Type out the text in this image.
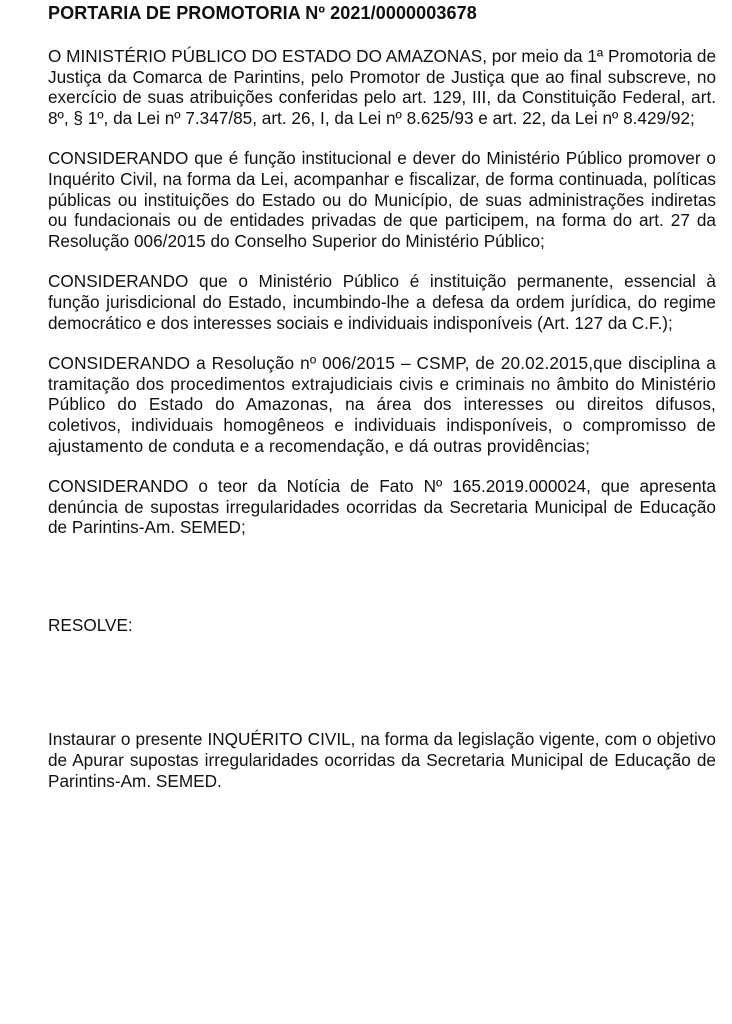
PORTARIA DE PROMOTORIA Nº 2021/0000003678

O MINISTÉRIO PÚBLICO DO ESTADO DO AMAZONAS, por meio da 1ª Promotoria de Justiça da Comarca de Parintins, pelo Promotor de Justiça que ao final subscreve, no exercício de suas atribuições conferidas pelo art. 129, III, da Constituição Federal, art. 8º, § 1º, da Lei nº 7.347/85, art. 26, I, da Lei nº 8.625/93 e art. 22, da Lei nº 8.429/92;

CONSIDERANDO que é função institucional e dever do Ministério Público promover o Inquérito Civil, na forma da Lei, acompanhar e fiscalizar, de forma continuada, políticas públicas ou instituições do Estado ou do Município, de suas administrações indiretas ou fundacionais ou de entidades privadas de que participem, na forma do art. 27 da Resolução 006/2015 do Conselho Superior do Ministério Público;

CONSIDERANDO que o Ministério Público é instituição permanente, essencial à função jurisdicional do Estado, incumbindo-lhe a defesa da ordem jurídica, do regime democrático e dos interesses sociais e individuais indisponíveis (Art. 127 da C.F.);

CONSIDERANDO a Resolução nº 006/2015 – CSMP, de 20.02.2015,que disciplina a tramitação dos procedimentos extrajudiciais civis e criminais no âmbito do Ministério Público do Estado do Amazonas, na área dos interesses ou direitos difusos, coletivos, individuais homogêneos e individuais indisponíveis, o compromisso de ajustamento de conduta e a recomendação, e dá outras providências;

CONSIDERANDO o teor da Notícia de Fato Nº 165.2019.000024, que apresenta denúncia de supostas irregularidades ocorridas da Secretaria Municipal de Educação de Parintins-Am. SEMED;

RESOLVE:

Instaurar o presente INQUÉRITO CIVIL, na forma da legislação vigente, com o objetivo de Apurar supostas irregularidades ocorridas da Secretaria Municipal de Educação de Parintins-Am. SEMED.
